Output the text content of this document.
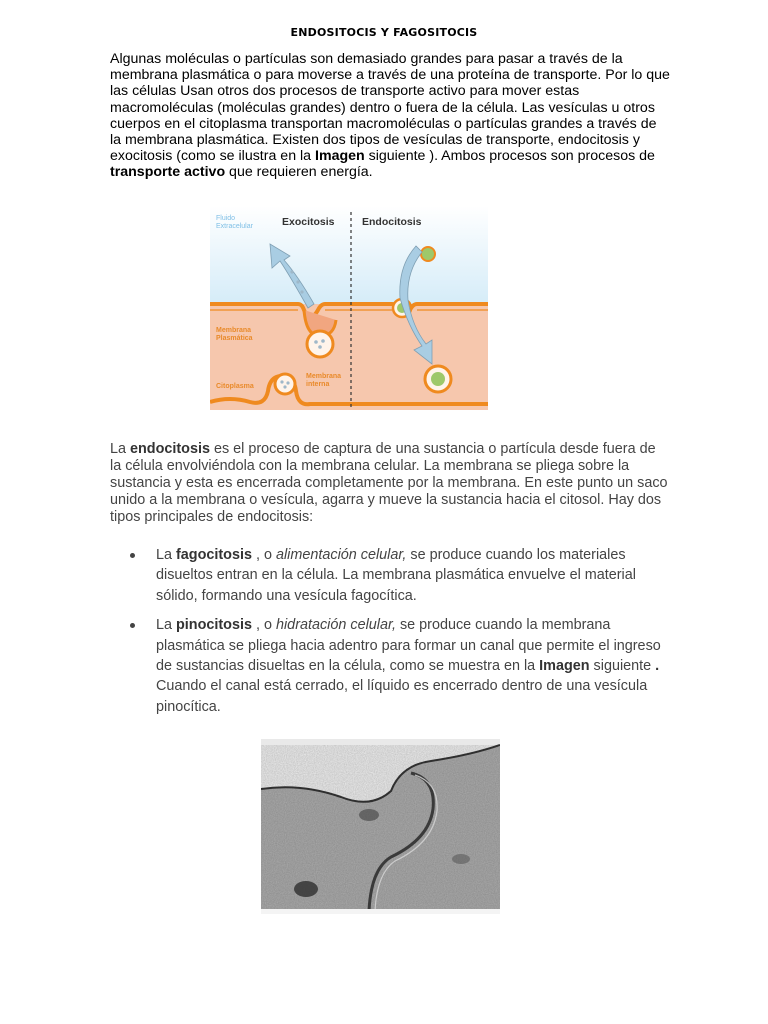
ENDOSITOCIS Y FAGOSITOCIS

Algunas moléculas o partículas son demasiado grandes para pasar a través de la membrana plasmática o para moverse a través de una proteína de transporte. Por lo que las células Usan otros dos procesos de transporte activo para mover estas macromoléculas (moléculas grandes) dentro o fuera de la célula. Las vesículas u otros cuerpos en el citoplasma transportan macromoléculas o partículas grandes a través de la membrana plasmática. Existen dos tipos de vesículas de transporte, endocitosis y exocitosis (como se ilustra en la Imagen siguiente ). Ambos procesos son procesos de transporte activo que requieren energía.

Fluido Extracelular	Exocitosis	Endocitosis
Membrana Plasmática
Citoplasma
Membrana interna

La endocitosis es el proceso de captura de una sustancia o partícula desde fuera de la célula envolviéndola con la membrana celular. La membrana se pliega sobre la sustancia y esta es encerrada completamente por la membrana. En este punto un saco unido a la membrana o vesícula, agarra y mueve la sustancia hacia el citosol. Hay dos tipos principales de endocitosis:

La fagocitosis , o alimentación celular, se produce cuando los materiales disueltos entran en la célula. La membrana plasmática envuelve el material sólido, formando una vesícula fagocítica.
La pinocitosis , o hidratación celular, se produce cuando la membrana plasmática se pliega hacia adentro para formar un canal que permite el ingreso de sustancias disueltas en la célula, como se muestra en la Imagen siguiente . Cuando el canal está cerrado, el líquido es encerrado dentro de una vesícula pinocítica.
